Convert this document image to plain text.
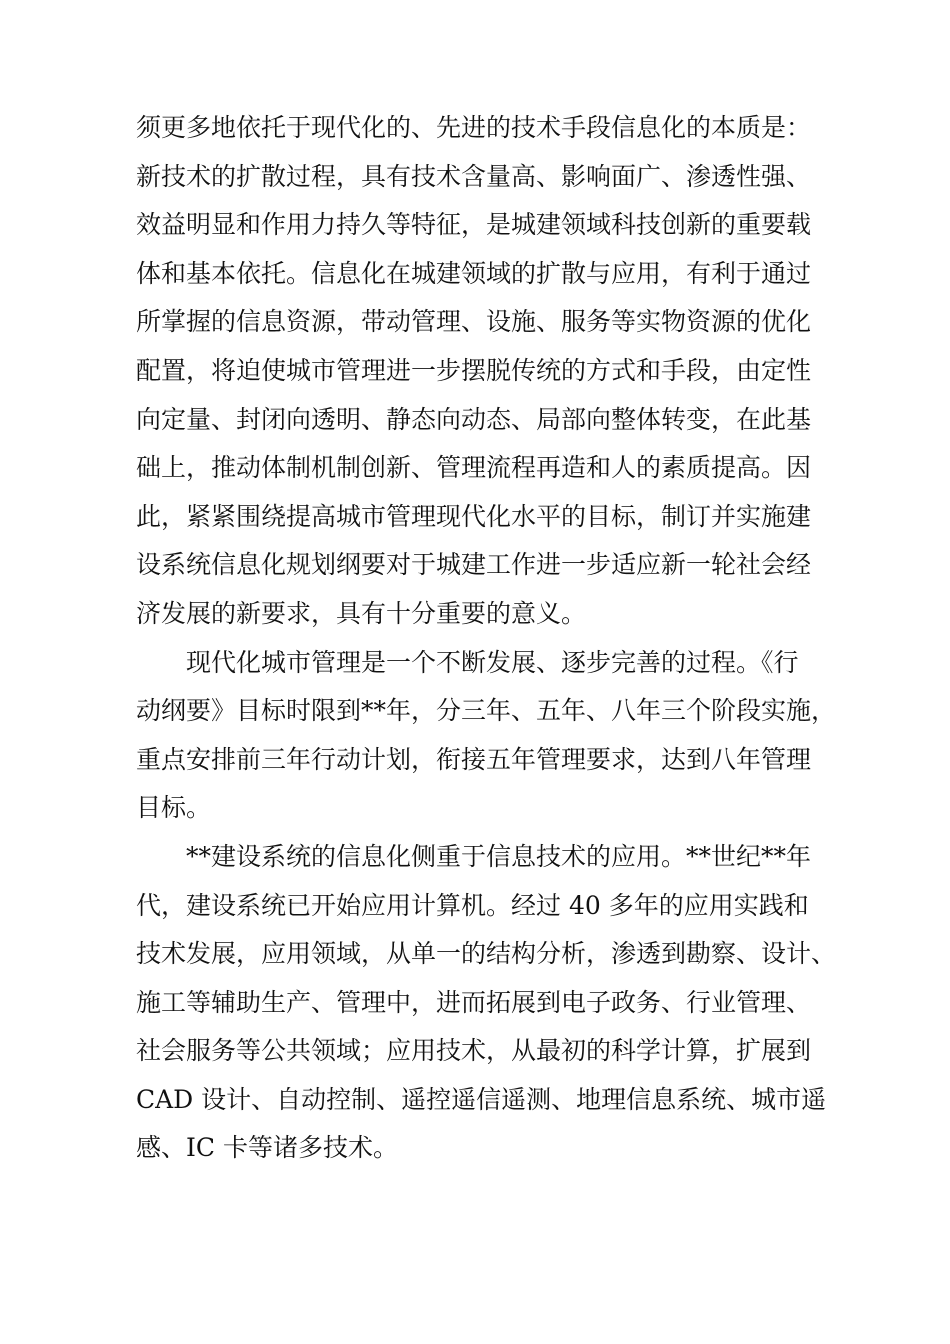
须更多地依托于现代化的、先进的技术手段信息化的本质是：
新技术的扩散过程，具有技术含量高、影响面广、渗透性强、
效益明显和作用力持久等特征，是城建领域科技创新的重要载
体和基本依托。信息化在城建领域的扩散与应用，有利于通过
所掌握的信息资源，带动管理、设施、服务等实物资源的优化
配置，将迫使城市管理进一步摆脱传统的方式和手段，由定性
向定量、封闭向透明、静态向动态、局部向整体转变，在此基
础上，推动体制机制创新、管理流程再造和人的素质提高。因
此，紧紧围绕提高城市管理现代化水平的目标，制订并实施建
设系统信息化规划纲要对于城建工作进一步适应新一轮社会经
济发展的新要求，具有十分重要的意义。
现代化城市管理是一个不断发展、逐步完善的过程。《行
动纲要》目标时限到**年，分三年、五年、八年三个阶段实施，
重点安排前三年行动计划，衔接五年管理要求，达到八年管理
目标。
**建设系统的信息化侧重于信息技术的应用。**世纪**年
代，建设系统已开始应用计算机。经过 40 多年的应用实践和
技术发展，应用领域，从单一的结构分析，渗透到勘察、设计、
施工等辅助生产、管理中，进而拓展到电子政务、行业管理、
社会服务等公共领域；应用技术，从最初的科学计算，扩展到
CAD 设计、自动控制、遥控遥信遥测、地理信息系统、城市遥
感、IC 卡等诸多技术。
